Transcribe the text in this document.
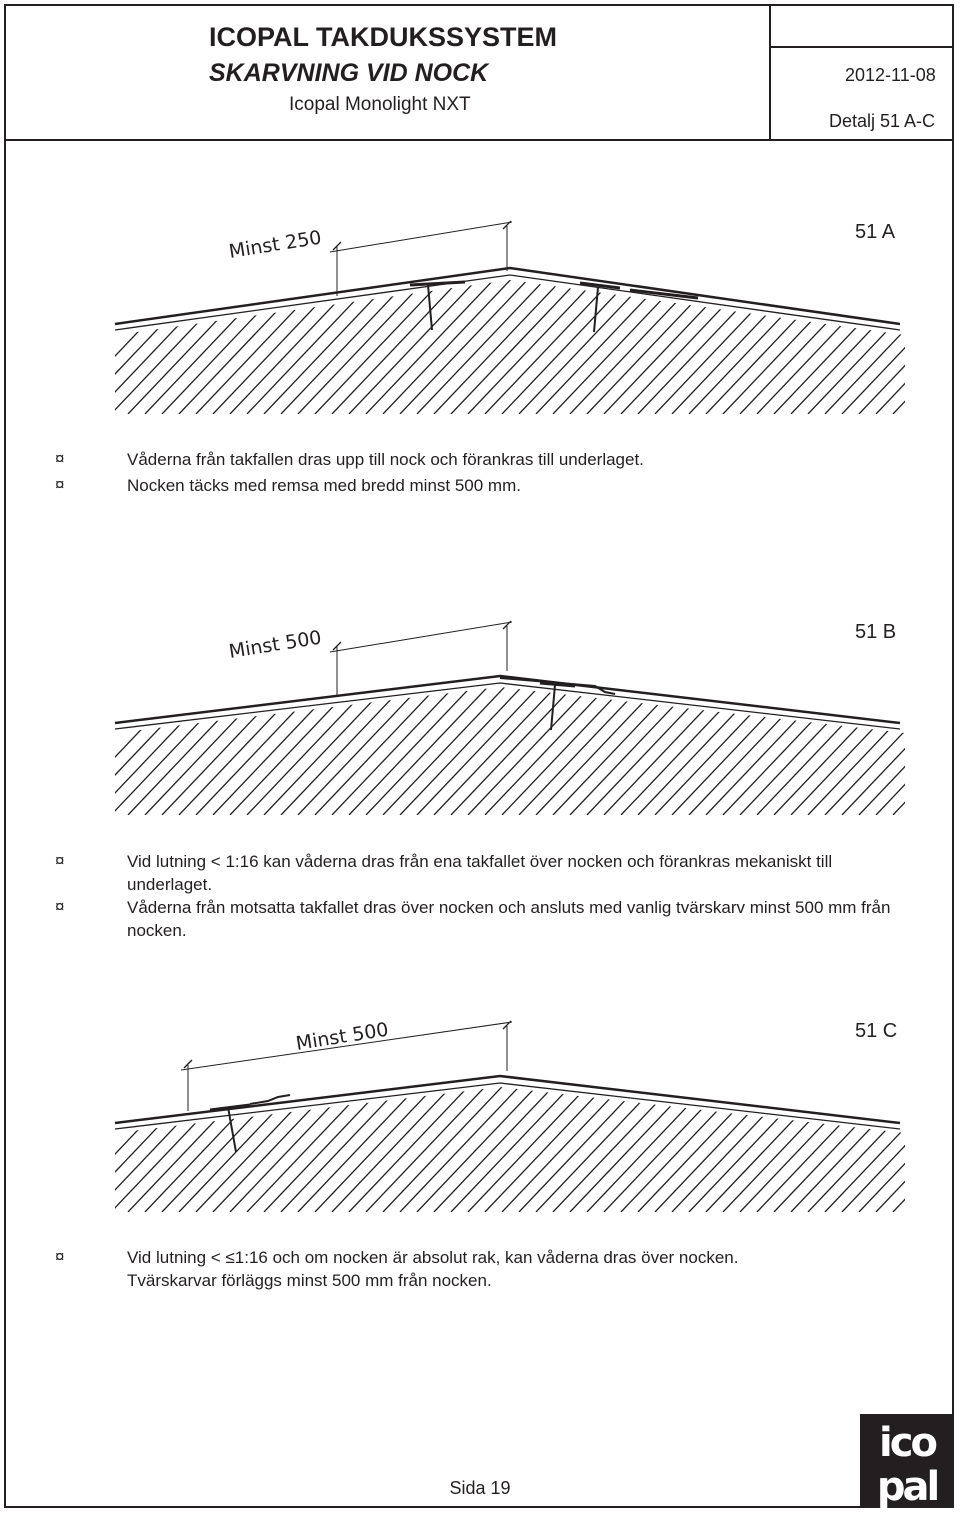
ICOPAL TAKDUKSSYSTEM
SKARVNING VID NOCK
Icopal Monolight NXT
2012-11-08
Detalj 51 A-C
Minst 250	51 A
¤	Våderna från takfallen dras upp till nock och förankras till underlaget.

¤	Nocken täcks med remsa med bredd minst 500 mm.

Minst 500	51 B
¤	Vid lutning < 1:16 kan våderna dras från ena takfallet över nocken och förankras mekaniskt till underlaget.

¤	Våderna från motsatta takfallet dras över nocken och ansluts med vanlig tvärskarv minst 500 mm från nocken.

Minst 500	51 C
¤	Vid lutning < ≤1:16 och om nocken är absolut rak, kan våderna dras över nocken. Tvärskarvar förläggs minst 500 mm från nocken.

Sida 19
ico
pal
